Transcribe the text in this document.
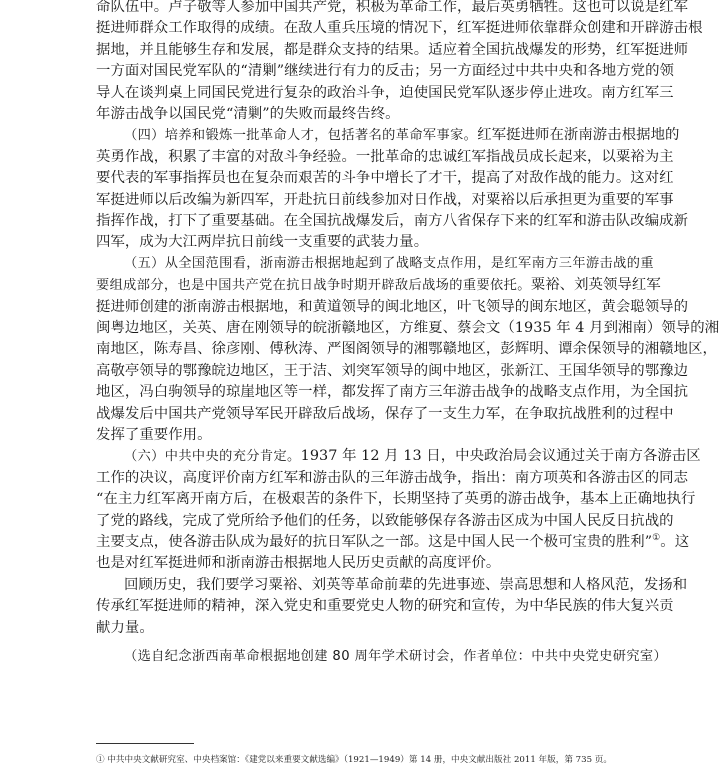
命队伍中。卢子敬等人参加中国共产党，积极为革命工作，最后英勇牺牲。这也可以说是红军
挺进师群众工作取得的成绩。在敌人重兵压境的情况下，红军挺进师依靠群众创建和开辟游击根
据地，并且能够生存和发展，都是群众支持的结果。适应着全国抗战爆发的形势，红军挺进师
一方面对国民党军队的“清剿”继续进行有力的反击；另一方面经过中共中央和各地方党的领
导人在谈判桌上同国民党进行复杂的政治斗争，迫使国民党军队逐步停止进攻。南方红军三
年游击战争以国民党“清剿”的失败而最终告终。
（四）培养和锻炼一批革命人才，包括著名的革命军事家。红军挺进师在浙南游击根据地的
英勇作战，积累了丰富的对敌斗争经验。一批革命的忠诚红军指战员成长起来，以粟裕为主
要代表的军事指挥员也在复杂而艰苦的斗争中增长了才干，提高了对敌作战的能力。这对红
军挺进师以后改编为新四军，开赴抗日前线参加对日作战，对粟裕以后承担更为重要的军事
指挥作战，打下了重要基础。在全国抗战爆发后，南方八省保存下来的红军和游击队改编成新
四军，成为大江两岸抗日前线一支重要的武装力量。
（五）从全国范围看，浙南游击根据地起到了战略支点作用，是红军南方三年游击战的重
要组成部分，也是中国共产党在抗日战争时期开辟敌后战场的重要依托。粟裕、刘英领导红军
挺进师创建的浙南游击根据地，和黄道领导的闽北地区，叶飞领导的闽东地区，黄会聪领导的
闽粤边地区，关英、唐在刚领导的皖浙赣地区，方维夏、蔡会文（1935 年 4 月到湘南）领导的湘
南地区，陈寿昌、徐彦刚、傅秋涛、严图阁领导的湘鄂赣地区，彭辉明、谭余保领导的湘赣地区，
高敬亭领导的鄂豫皖边地区，王于洁、刘突军领导的闽中地区，张新江、王国华领导的鄂豫边
地区，冯白驹领导的琼崖地区等一样，都发挥了南方三年游击战争的战略支点作用，为全国抗
战爆发后中国共产党领导军民开辟敌后战场，保存了一支生力军，在争取抗战胜利的过程中
发挥了重要作用。
（六）中共中央的充分肯定。1937 年 12 月 13 日，中央政治局会议通过关于南方各游击区
工作的决议，高度评价南方红军和游击队的三年游击战争，指出：南方项英和各游击区的同志
“在主力红军离开南方后，在极艰苦的条件下，长期坚持了英勇的游击战争，基本上正确地执行
了党的路线，完成了党所给予他们的任务，以致能够保存各游击区成为中国人民反日抗战的
主要支点，使各游击队成为最好的抗日军队之一部。这是中国人民一个极可宝贵的胜利”①。这
也是对红军挺进师和浙南游击根据地人民历史贡献的高度评价。
回顾历史，我们要学习粟裕、刘英等革命前辈的先进事迹、崇高思想和人格风范，发扬和
传承红军挺进师的精神，深入党史和重要党史人物的研究和宣传，为中华民族的伟大复兴贡
献力量。
（选自纪念浙西南革命根据地创建 80 周年学术研讨会，作者单位：中共中央党史研究室）
① 中共中央文献研究室、中央档案馆：《建党以来重要文献选编》（1921—1949）第 14 册，中央文献出版社 2011 年版，第 735 页。
